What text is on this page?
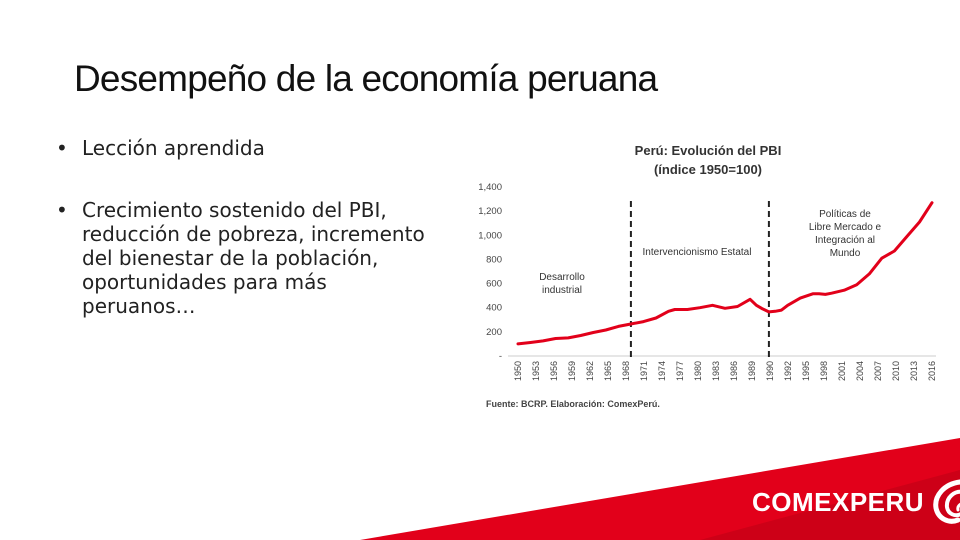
Desempeño de la economía peruana
• Lección aprendida
• Crecimiento sostenido del PBI, reducción de pobreza, incremento del bienestar de la población, oportunidades para más peruanos…
Perú: Evolución del PBI
(índice 1950=100)
-
200
400
600
800
1,000
1,200
1,400
1950 1953 1956 1959 1962 1965 1968 1971 1974 1977 1980 1983 1986 1989 1990 1992 1995 1998 2001 2004 2007 2010 2013 2016
Desarrollo industrial
Intervencionismo Estatal
Políticas de Libre Mercado e Integración al Mundo
Fuente: BCRP. Elaboración: ComexPerú.
COMEXPERU
